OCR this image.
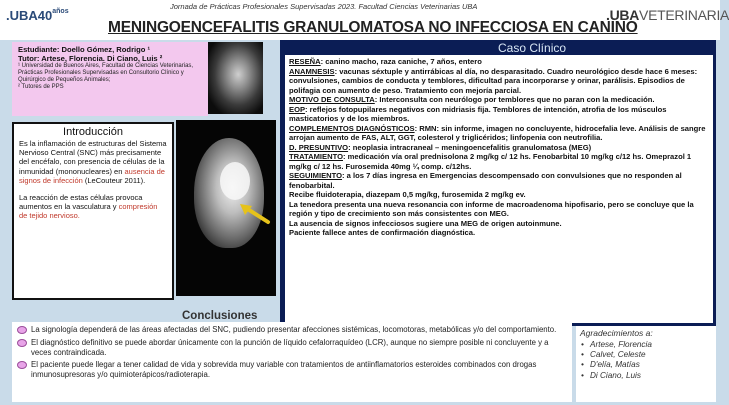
Jornada de Prácticas Profesionales Supervisadas 2023. Facultad Ciencias Veterinarias UBA
$.UBA40^{años}$	.UBAVETERINARIA
MENINGOENCEFALITIS GRANULOMATOSA NO INFECCIOSA EN CANINO
Estudiante: Doello Gómez, Rodrigo ¹
Tutor: Artese, Florencia. Di Ciano, Luis ²
¹ Universidad de Buenos Aires, Facultad de Ciencias Veterinarias, Prácticas Profesionales Supervisadas en Consultorio Clínico y Quirúrgico de Pequeños Animales;
² Tutores de PPS
Introducción

Es la inflamación de estructuras del Sistema Nervioso Central (SNC) más precisamente del encéfalo, con presencia de células de la inmunidad (mononucleares) en ausencia de signos de infección (LeCouteur 2011).

La reacción de estas células provoca aumentos en la vasculatura y compresión de tejido nervioso.

Caso Clínico
RESEÑA: canino macho, raza caniche, 7 años, entero
ANAMNESIS: vacunas séxtuple y antirrábicas al día, no desparasitado. Cuadro neurológico desde hace 6 meses: convulsiones, cambios de conducta y temblores, dificultad para incorporarse y orinar, parálisis. Episodios de polifagia con aumento de peso. Tratamiento con mejoría parcial.
MOTIVO DE CONSULTA: Interconsulta con neurólogo por temblores que no paran con la medicación.
EOP: reflejos fotopupilares negativos con midriasis fija. Temblores de intención, atrofia de los músculos masticatorios y de los miembros.
COMPLEMENTOS DIAGNÓSTICOS: RMN: sin informe, imagen no concluyente, hidrocefalia leve. Análisis de sangre arrojan aumento de FAS, ALT, GGT, colesterol y triglicéridos; linfopenia con neutrofilia.
D. PRESUNTIVO: neoplasia intracraneal – meningoencefalitis granulomatosa (MEG)
TRATAMIENTO: medicación vía oral prednisolona 2 mg/kg c/ 12 hs. Fenobarbital 10 mg/kg c/12 hs. Omeprazol 1 mg/kg c/ 12 hs. Furosemida 40mg ¼ comp. c/12hs.
SEGUIMIENTO: a los 7 días ingresa en Emergencias descompensado con convulsiones que no responden al fenobarbital.
Recibe fluidoterapia, diazepam 0,5 mg/kg, furosemida 2 mg/kg ev.
La tenedora presenta una nueva resonancia con informe de macroadenoma hipofisario, pero se concluye que la región y tipo de crecimiento son más consistentes con MEG.
La ausencia de signos infecciosos sugiere una MEG de origen autoinmune.
Paciente fallece antes de confirmación diagnóstica.
La signología dependerá de las áreas afectadas del SNC, pudiendo presentar afecciones sistémicas, locomotoras, metabólicas y/o del comportamiento.
El diagnóstico definitivo se puede abordar únicamente con la punción de líquido cefalorraquídeo (LCR), aunque no siempre posible ni concluyente y a veces contraindicada.
El paciente puede llegar a tener calidad de vida y sobrevida muy variable con tratamientos de antiinflamatorios esteroides combinados con drogas inmunosupresoras y/o quimioterápicos/radioterapia.
Conclusiones
Agradecimientos a:
• Artese, Florencia
• Calvet, Celeste
• D'elía, Matías
• Di Ciano, Luis
